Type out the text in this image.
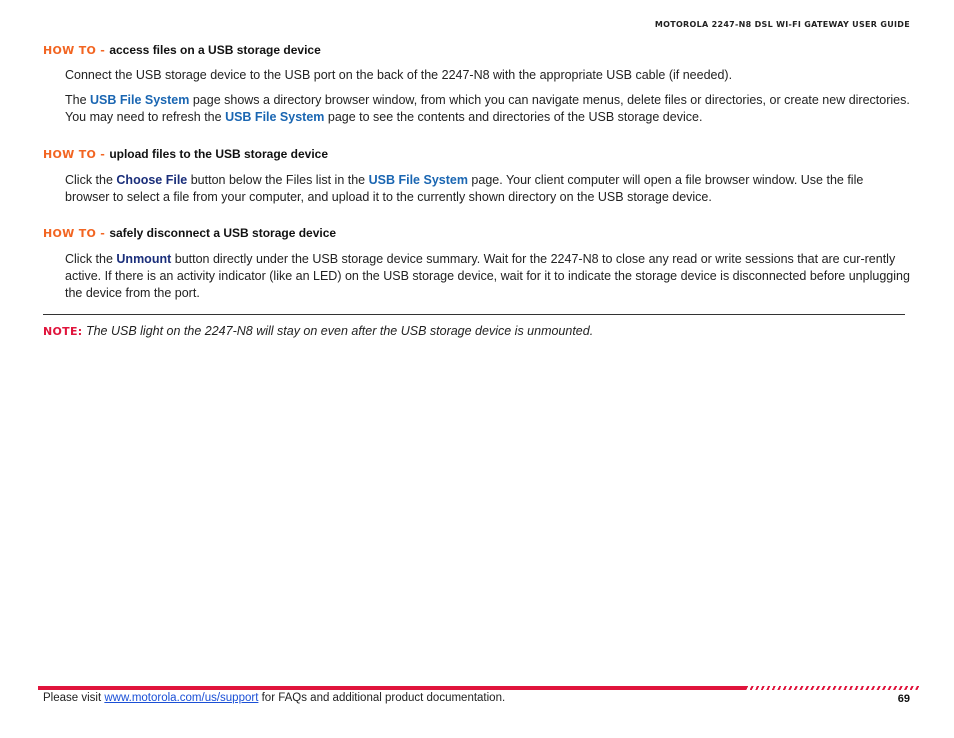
MOTOROLA 2247-N8 DSL WI-FI GATEWAY USER GUIDE

HOW TO - access files on a USB storage device

Connect the USB storage device to the USB port on the back of the 2247-N8 with the appropriate USB cable (if needed).

The USB File System page shows a directory browser window, from which you can navigate menus, delete files or directories, or create new directories. You may need to refresh the USB File System page to see the contents and directories of the USB storage device.

HOW TO - upload files to the USB storage device

Click the Choose File button below the Files list in the USB File System page. Your client computer will open a file browser window. Use the file browser to select a file from your computer, and upload it to the currently shown directory on the USB storage device.

HOW TO - safely disconnect a USB storage device

Click the Unmount button directly under the USB storage device summary. Wait for the 2247-N8 to close any read or write sessions that are cur-rently active. If there is an activity indicator (like an LED) on the USB storage device, wait for it to indicate the storage device is disconnected before unplugging the device from the port.

NOTE: The USB light on the 2247-N8 will stay on even after the USB storage device is unmounted.
Please visit www.motorola.com/us/support for FAQs and additional product documentation.	69
